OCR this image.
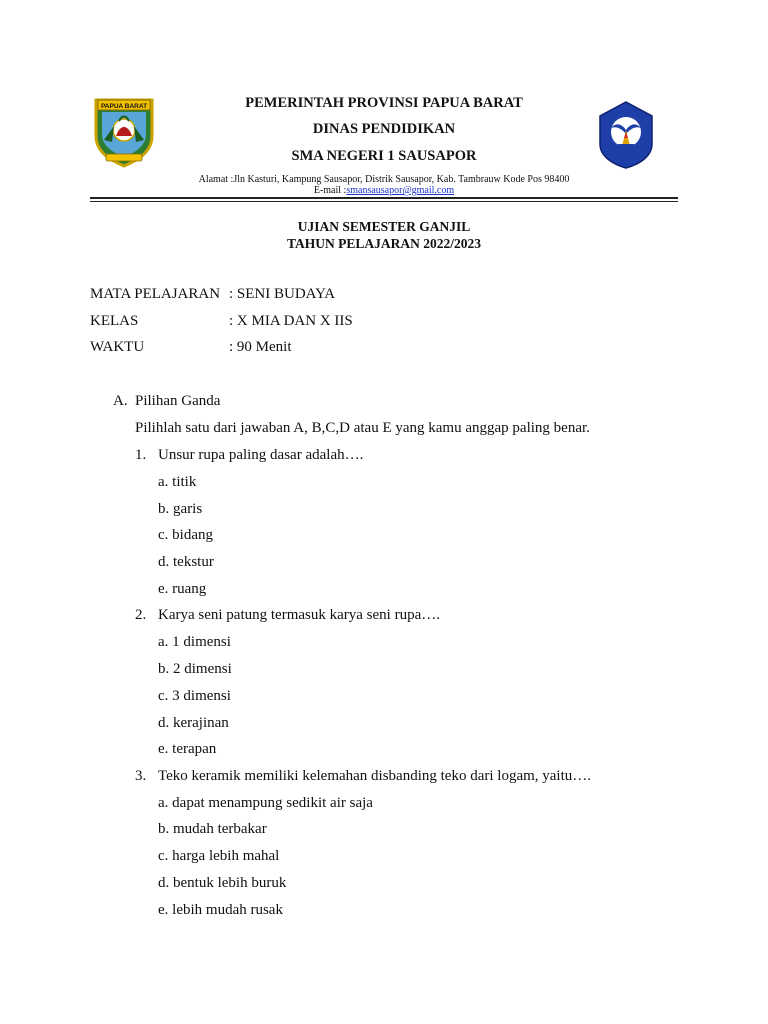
PAPUA BARAT	PEMERINTAH PROVINSI PAPUA BARAT
DINAS PENDIDIKAN
SMA NEGERI 1 SAUSAPOR
Alamat :Jln Kasturi, Kampung Sausapor, Distrik Sausapor, Kab. Tambrauw Kode Pos 98400
E-mail :smansausapor@gmail.com
UJIAN SEMESTER GANJIL
TAHUN PELAJARAN 2022/2023
MATA PELAJARAN : SENI BUDAYA
KELAS	: X MIA DAN X IIS
WAKTU	: 90 Menit
A. Pilihan Ganda
Pilihlah satu dari jawaban A, B,C,D atau E yang kamu anggap paling benar.
1. Unsur rupa paling dasar adalah….
a. titik
b. garis
c. bidang
d. tekstur
e. ruang
2. Karya seni patung termasuk karya seni rupa….
a. 1 dimensi
b. 2 dimensi
c. 3 dimensi
d. kerajinan
e. terapan
3. Teko keramik memiliki kelemahan disbanding teko dari logam, yaitu….
a. dapat menampung sedikit air saja
b. mudah terbakar
c. harga lebih mahal
d. bentuk lebih buruk
e. lebih mudah rusak
